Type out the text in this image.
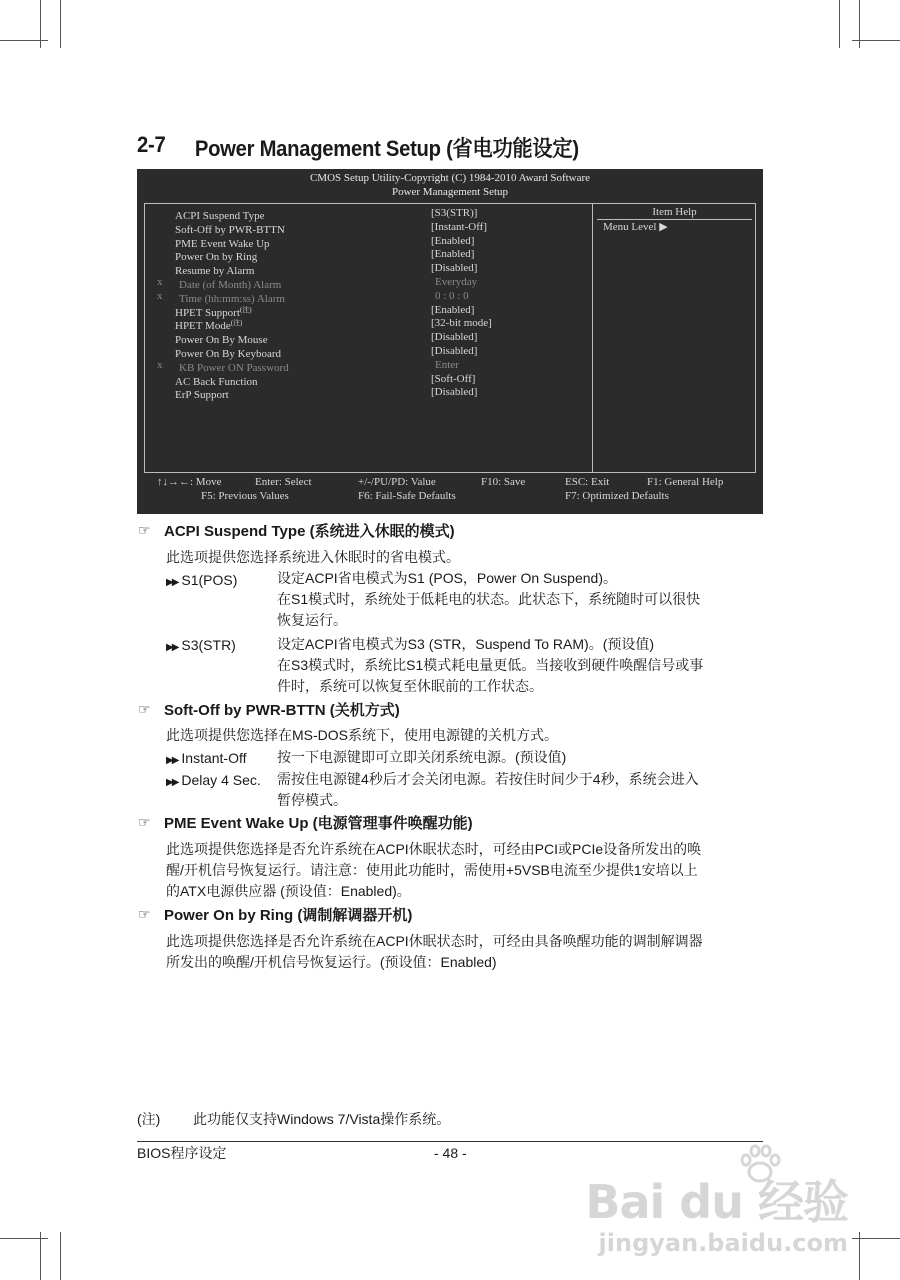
2-7 Power Management Setup (省电功能设定)
CMOS Setup Utility-Copyright (C) 1984-2010 Award Software
Power Management Setup
ACPI Suspend Type	[S3(STR)]
Soft-Off by PWR-BTTN	[Instant-Off]
PME Event Wake Up	[Enabled]
Power On by Ring	[Enabled]
Resume by Alarm	[Disabled]
x Date (of Month) Alarm	Everyday
x Time (hh:mm:ss) Alarm	0 : 0 : 0
HPET Support$^{(注)}$	[Enabled]
HPET Mode$^{(注)}$	[32-bit mode]
Power On By Mouse	[Disabled]
Power On By Keyboard	[Disabled]
x KB Power ON Password	Enter
AC Back Function	[Soft-Off]
ErP Support	[Disabled]
Item Help
Menu Level ▶
↑↓→←: Move	Enter: Select	+/-/PU/PD: Value	F10: Save	ESC: Exit	F1: General Help
F5: Previous Values	F6: Fail-Safe Defaults	F7: Optimized Defaults
☞ ACPI Suspend Type (系统进入休眠的模式)
此选项提供您选择系统进入休眠时的省电模式。
▶▶ S1(POS)	设定ACPI省电模式为S1 (POS，Power On Suspend)。
在S1模式时，系统处于低耗电的状态。此状态下，系统随时可以很快
恢复运行。
▶▶ S3(STR)	设定ACPI省电模式为S3 (STR，Suspend To RAM)。(预设值)
在S3模式时，系统比S1模式耗电量更低。当接收到硬件唤醒信号或事
件时，系统可以恢复至休眠前的工作状态。
☞ Soft-Off by PWR-BTTN (关机方式)
此选项提供您选择在MS-DOS系统下，使用电源键的关机方式。
▶▶ Instant-Off 按一下电源键即可立即关闭系统电源。(预设值)
▶▶ Delay 4 Sec. 需按住电源键4秒后才会关闭电源。若按住时间少于4秒，系统会进入
暂停模式。
☞ PME Event Wake Up (电源管理事件唤醒功能)
此选项提供您选择是否允许系统在ACPI休眠状态时，可经由PCI或PCIe设备所发出的唤
醒/开机信号恢复运行。请注意：使用此功能时，需使用+5VSB电流至少提供1安培以上
的ATX电源供应器 (预设值：Enabled)。
☞ Power On by Ring (调制解调器开机)
此选项提供您选择是否允许系统在ACPI休眠状态时，可经由具备唤醒功能的调制解调器
所发出的唤醒/开机信号恢复运行。(预设值：Enabled)
(注) 此功能仅支持Windows 7/Vista操作系统。
BIOS程序设定	- 48 -
Bai du 经验
jingyan.baidu.com
